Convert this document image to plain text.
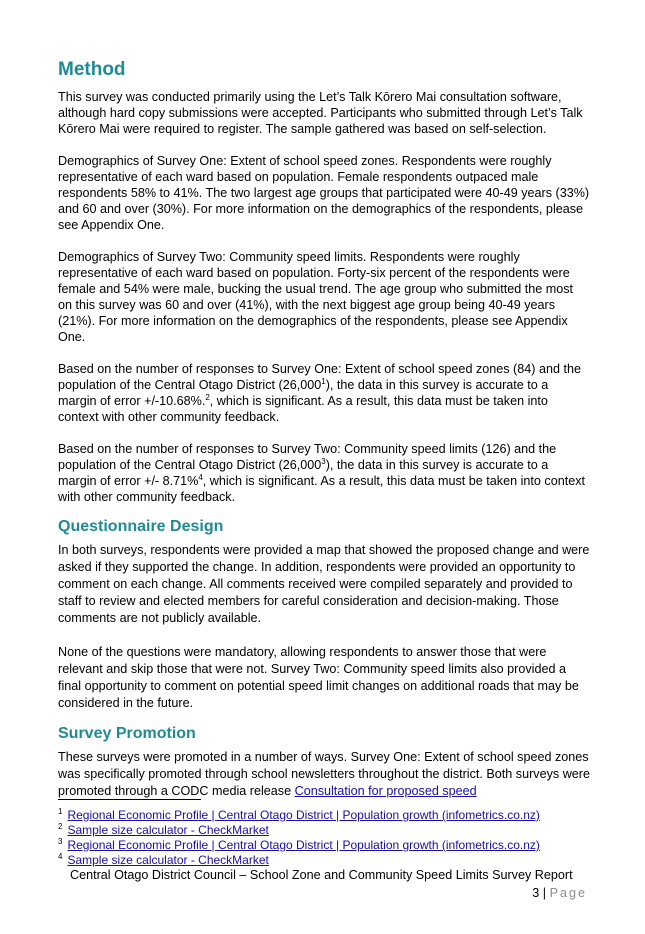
Method

This survey was conducted primarily using the Let’s Talk Kōrero Mai consultation software, although hard copy submissions were accepted. Participants who submitted through Let’s Talk Kōrero Mai were required to register. The sample gathered was based on self-selection.

Demographics of Survey One: Extent of school speed zones. Respondents were roughly representative of each ward based on population. Female respondents outpaced male respondents 58% to 41%. The two largest age groups that participated were 40-49 years (33%) and 60 and over (30%). For more information on the demographics of the respondents, please see Appendix One.

Demographics of Survey Two: Community speed limits. Respondents were roughly representative of each ward based on population. Forty-six percent of the respondents were female and 54% were male, bucking the usual trend. The age group who submitted the most on this survey was 60 and over (41%), with the next biggest age group being 40-49 years (21%). For more information on the demographics of the respondents, please see Appendix One.

Based on the number of responses to Survey One: Extent of school speed zones (84) and the population of the Central Otago District (26,000$^1$), the data in this survey is accurate to a margin of error +/-10.68%.$^2$, which is significant. As a result, this data must be taken into context with other community feedback.

Based on the number of responses to Survey Two: Community speed limits (126) and the population of the Central Otago District (26,000$^3$), the data in this survey is accurate to a margin of error +/- 8.71%$^4$, which is significant. As a result, this data must be taken into context with other community feedback.

Questionnaire Design

In both surveys, respondents were provided a map that showed the proposed change and were asked if they supported the change. In addition, respondents were provided an opportunity to comment on each change. All comments received were compiled separately and provided to staff to review and elected members for careful consideration and decision-making. Those comments are not publicly available.

None of the questions were mandatory, allowing respondents to answer those that were relevant and skip those that were not. Survey Two: Community speed limits also provided a final opportunity to comment on potential speed limit changes on additional roads that may be considered in the future.

Survey Promotion

These surveys were promoted in a number of ways. Survey One: Extent of school speed zones was specifically promoted through school newsletters throughout the district. Both surveys were promoted through a CODC media release Consultation for proposed speed

$^1$ Regional Economic Profile | Central Otago District | Population growth (infometrics.co.nz)
$^2$ Sample size calculator - CheckMarket
$^3$ Regional Economic Profile | Central Otago District | Population growth (infometrics.co.nz)
$^4$ Sample size calculator - CheckMarket
Central Otago District Council – School Zone and Community Speed Limits Survey Report
3 | Page
